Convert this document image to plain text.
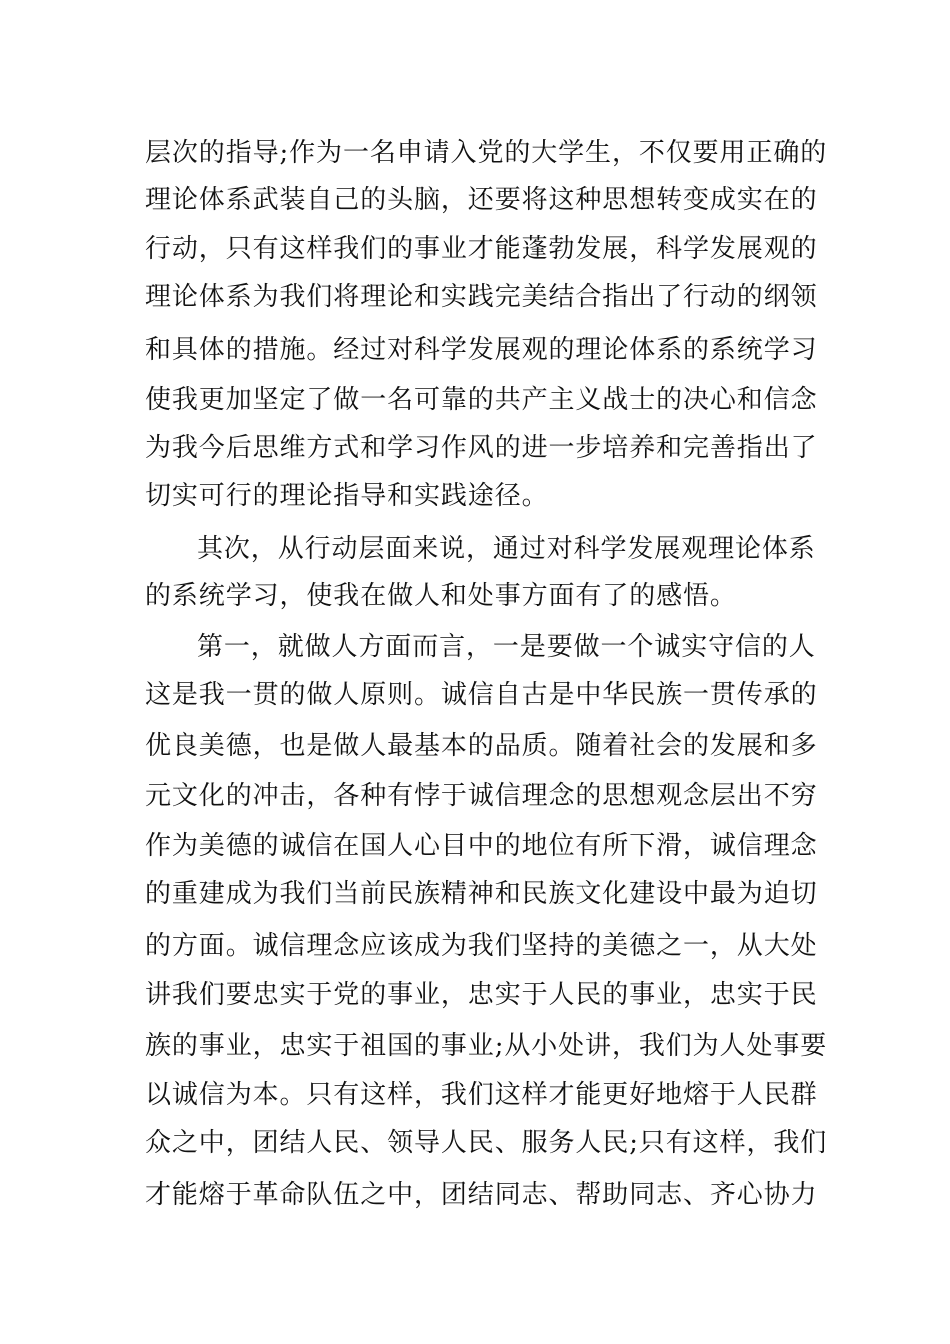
层次的指导;作为一名申请入党的大学生，不仅要用正确的
理论体系武装自己的头脑，还要将这种思想转变成实在的
行动，只有这样我们的事业才能蓬勃发展，科学发展观的
理论体系为我们将理论和实践完美结合指出了行动的纲领
和具体的措施。经过对科学发展观的理论体系的系统学习
使我更加坚定了做一名可靠的共产主义战士的决心和信念
为我今后思维方式和学习作风的进一步培养和完善指出了
切实可行的理论指导和实践途径。
其次，从行动层面来说，通过对科学发展观理论体系
的系统学习，使我在做人和处事方面有了的感悟。
第一，就做人方面而言，一是要做一个诚实守信的人
这是我一贯的做人原则。诚信自古是中华民族一贯传承的
优良美德，也是做人最基本的品质。随着社会的发展和多
元文化的冲击，各种有悖于诚信理念的思想观念层出不穷
作为美德的诚信在国人心目中的地位有所下滑，诚信理念
的重建成为我们当前民族精神和民族文化建设中最为迫切
的方面。诚信理念应该成为我们坚持的美德之一，从大处
讲我们要忠实于党的事业，忠实于人民的事业，忠实于民
族的事业，忠实于祖国的事业;从小处讲，我们为人处事要
以诚信为本。只有这样，我们这样才能更好地熔于人民群
众之中，团结人民、领导人民、服务人民;只有这样，我们
才能熔于革命队伍之中，团结同志、帮助同志、齐心协力
